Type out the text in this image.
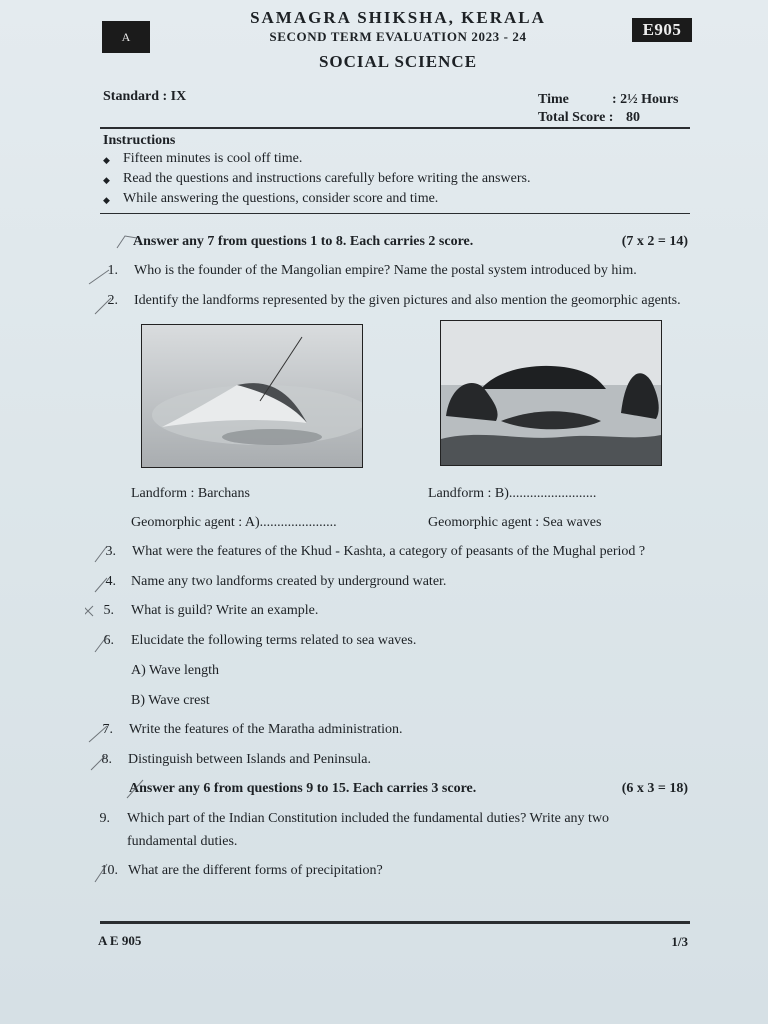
A	E905
SAMAGRA SHIKSHA, KERALA
SECOND TERM EVALUATION 2023 - 24
SOCIAL SCIENCE
Standard : IX	Time	: 2½ Hours
Total Score : 80
Instructions
◆ Fifteen minutes is cool off time.
◆ Read the questions and instructions carefully before writing the answers.
◆ While answering the questions, consider score and time.
Answer any 7 from questions 1 to 8. Each carries 2 score.	(7 x 2 = 14)
1. Who is the founder of the Mangolian empire? Name the postal system introduced by him.
2. Identify the landforms represented by the given pictures and also mention the geomorphic agents.
Landform : Barchans	Landform : B).........................
Geomorphic agent : A)......................	Geomorphic agent : Sea waves
3. What were the features of the Khud - Kashta, a category of peasants of the Mughal period ?
4. Name any two landforms created by underground water.
5. What is guild? Write an example.
6. Elucidate the following terms related to sea waves.
A) Wave length
B) Wave crest
7. Write the features of the Maratha administration.
8. Distinguish between Islands and Peninsula.
Answer any 6 from questions 9 to 15. Each carries 3 score.	(6 x 3 = 18)
9. Which part of the Indian Constitution included the fundamental duties? Write any two
fundamental duties.
10. What are the different forms of precipitation?
A E 905	1/3
